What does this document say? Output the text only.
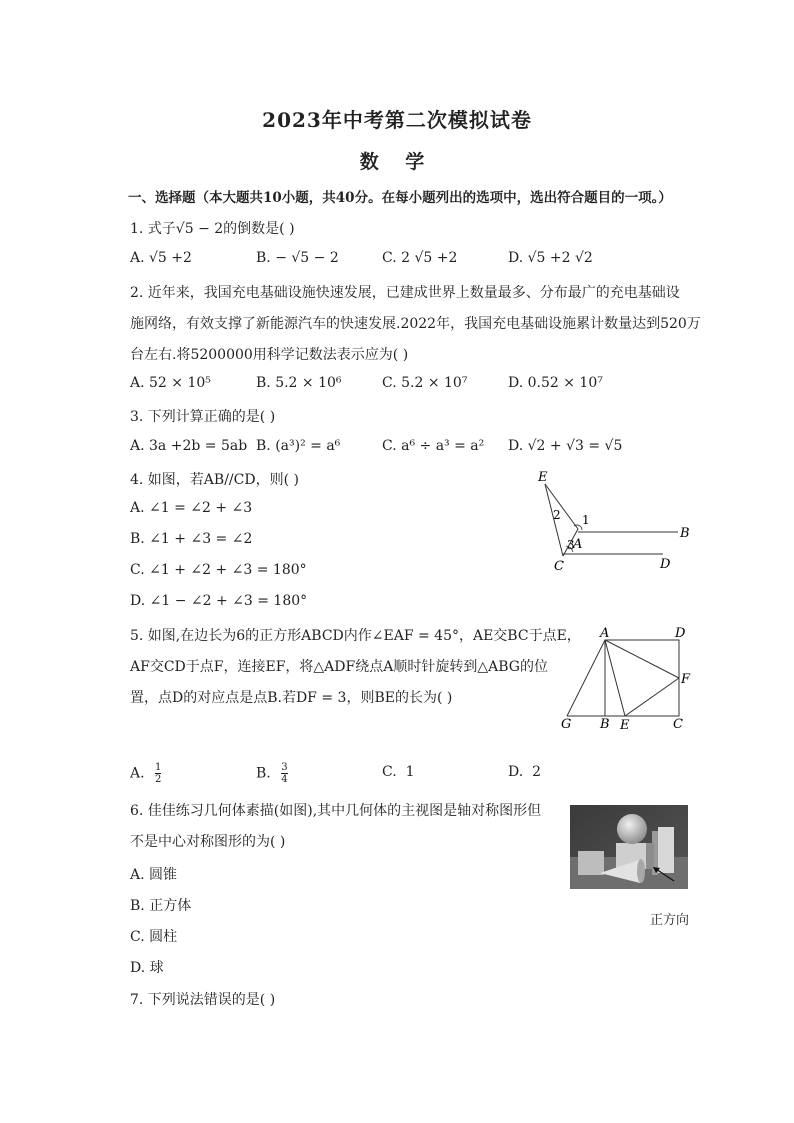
2023年中考第二次模拟试卷
数 学
一、选择题（本大题共10小题，共40分。在每小题列出的选项中，选出符合题目的一项。）
1. 式子√5 − 2的倒数是( )
A. √5 +2	B. − √5 − 2	C. 2 √5 +2	D. √5 +2 √2
2. 近年来，我国充电基础设施快速发展，已建成世界上数量最多、分布最广的充电基础设
施网络，有效支撑了新能源汽车的快速发展.2022年，我国充电基础设施累计数量达到520万
台左右.将5200000用科学记数法表示应为( )
A. 52 × 10⁵	B. 5.2 × 10⁶	C. 5.2 × 10⁷	D. 0.52 × 10⁷
3. 下列计算正确的是( )
A. 3a +2b = 5ab B. (a³)² = a⁶	C. a⁶ ÷ a³ = a² D. √2 + √3 = √5
4. 如图，若AB//CD，则( )
A. ∠1 = ∠2 + ∠3
B. ∠1 + ∠3 = ∠2
C. ∠1 + ∠2 + ∠3 = 180°
D. ∠1 − ∠2 + ∠3 = 180°
E
A
B
C	D
1
2
3
5. 如图,在边长为6的正方形ABCD内作∠EAF = 45°，AE交BC于点E，
AF交CD于点F，连接EF，将△ADF绕点A顺时针旋转到△ABG的位
置，点D的对应点是点B.若DF = 3，则BE的长为( )
A. $\frac{1}{2}$	B. $\frac{3}{4}$	C. 1	D. 2
A	D
F
G B E	C
6. 佳佳练习几何体素描(如图),其中几何体的主视图是轴对称图形但
不是中心对称图形的为( )
A. 圆锥
B. 正方体
C. 圆柱
D. 球
正方向
7. 下列说法错误的是( )
